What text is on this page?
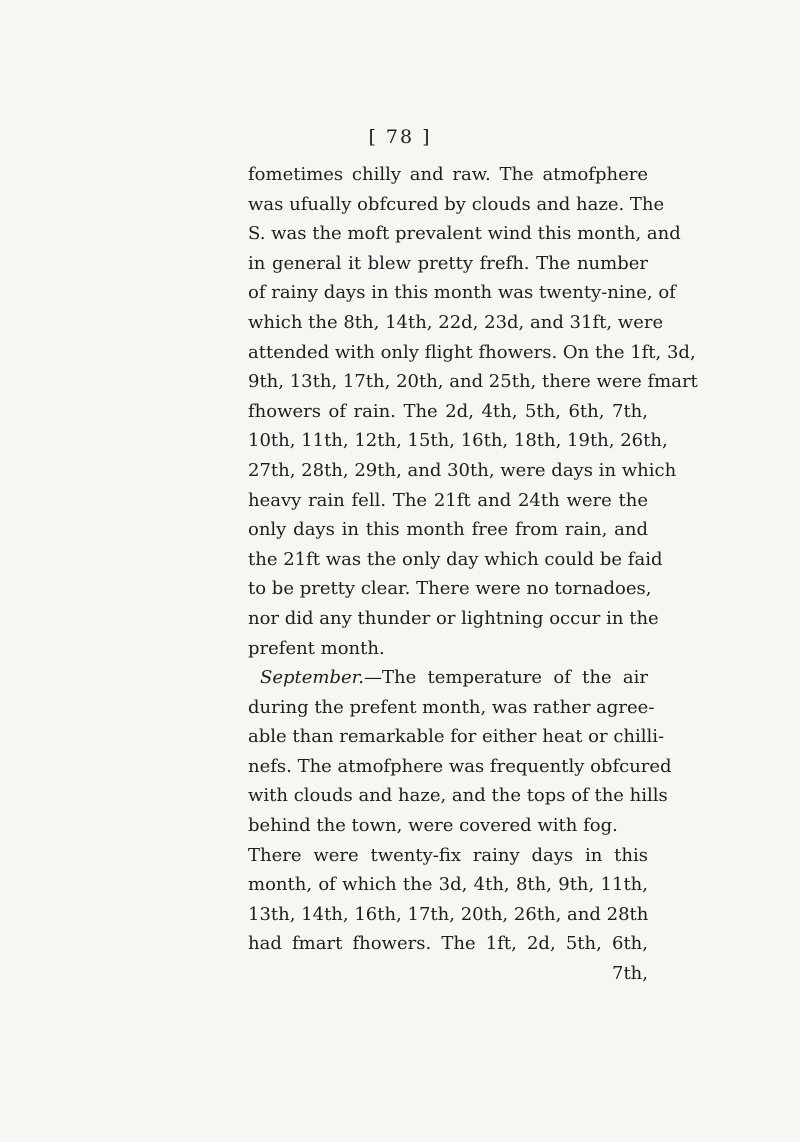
[ 78 ]
fometimes chilly and raw. The atmofphere
was ufually obfcured by clouds and haze. The
S. was the moft prevalent wind this month, and
in general it blew pretty frefh. The number
of rainy days in this month was twenty-nine, of
which the 8th, 14th, 22d, 23d, and 31ft, were
attended with only flight fhowers. On the 1ft, 3d,
9th, 13th, 17th, 20th, and 25th, there were fmart
fhowers of rain. The 2d, 4th, 5th, 6th, 7th,
10th, 11th, 12th, 15th, 16th, 18th, 19th, 26th,
27th, 28th, 29th, and 30th, were days in which
heavy rain fell. The 21ft and 24th were the
only days in this month free from rain, and
the 21ft was the only day which could be faid
to be pretty clear. There were no tornadoes,
nor did any thunder or lightning occur in the
prefent month.
September.—The temperature of the air
during the prefent month, was rather agree-
able than remarkable for either heat or chilli-
nefs. The atmofphere was frequently obfcured
with clouds and haze, and the tops of the hills
behind the town, were covered with fog.
There were twenty-fix rainy days in this
month, of which the 3d, 4th, 8th, 9th, 11th,
13th, 14th, 16th, 17th, 20th, 26th, and 28th
had fmart fhowers. The 1ft, 2d, 5th, 6th,
7th,
